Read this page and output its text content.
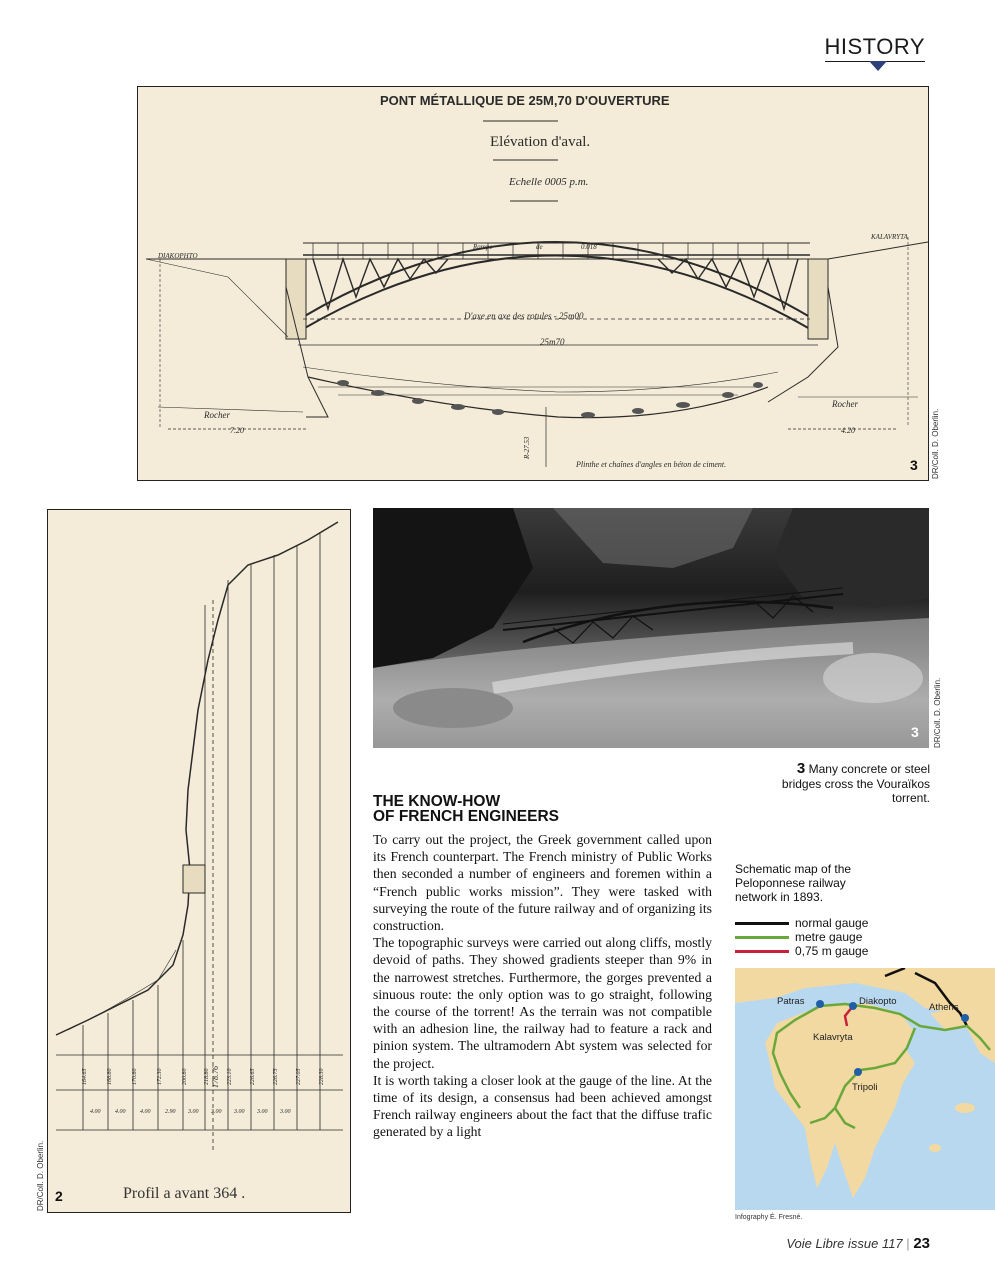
HISTORY
PONT MÉTALLIQUE DE 25M,70 D'OUVERTURE
Elévation d'aval.
Echelle 0005 p.m.
DIAKOPHTO
KALAVRYTA
Rampe	de	0.018
D'axe en axe des rotules - 25m00
25m70
Rocher
Rocher
7.20	4.20
R-27.53
Plinthe et chaînes d'angles en béton de ciment.	3 DR/Coll. D. Oberlin.
164.65	168.80	170.80	172.30	200.80	218.80	223.10	226.65	226.75	227.05	228.30
4.00 4.00 4.00 2.90 3.00 3.00 3.00 3.00 3.00
178.76
Profil a avant 364 .
2
DR/Coll. D. Oberlin.
3 DR/Coll. D. Oberlin.
3 Many concrete or steel bridges cross the Vouraïkos torrent.
THE KNOW-HOW
OF FRENCH ENGINEERS

To carry out the project, the Greek government called upon its French counterpart. The French ministry of Public Works then seconded a number of engineers and foremen within a “French public works mission”. They were tasked with surveying the route of the future railway and of organizing its construction.

The topographic surveys were carried out along cliffs, mostly devoid of paths. They showed gradients steeper than 9% in the narrowest stretches. Furthermore, the gorges prevented a sinuous route: the only option was to go straight, following the course of the torrent! As the terrain was not compatible with an adhesion line, the railway had to feature a rack and pinion system. The ultramodern Abt system was selected for the project.

It is worth taking a closer look at the gauge of the line. At the time of its design, a consensus had been achieved amongst French railway engineers about the fact that the diffuse trafic generated by a light

Schematic map of the Peloponnese railway network in 1893.
normal gauge
metre gauge
0,75 m gauge
Patras	Diakopto
Athens
Kalavryta
Tripoli
Infography É. Fresné.
Voie Libre issue 117 | 23
